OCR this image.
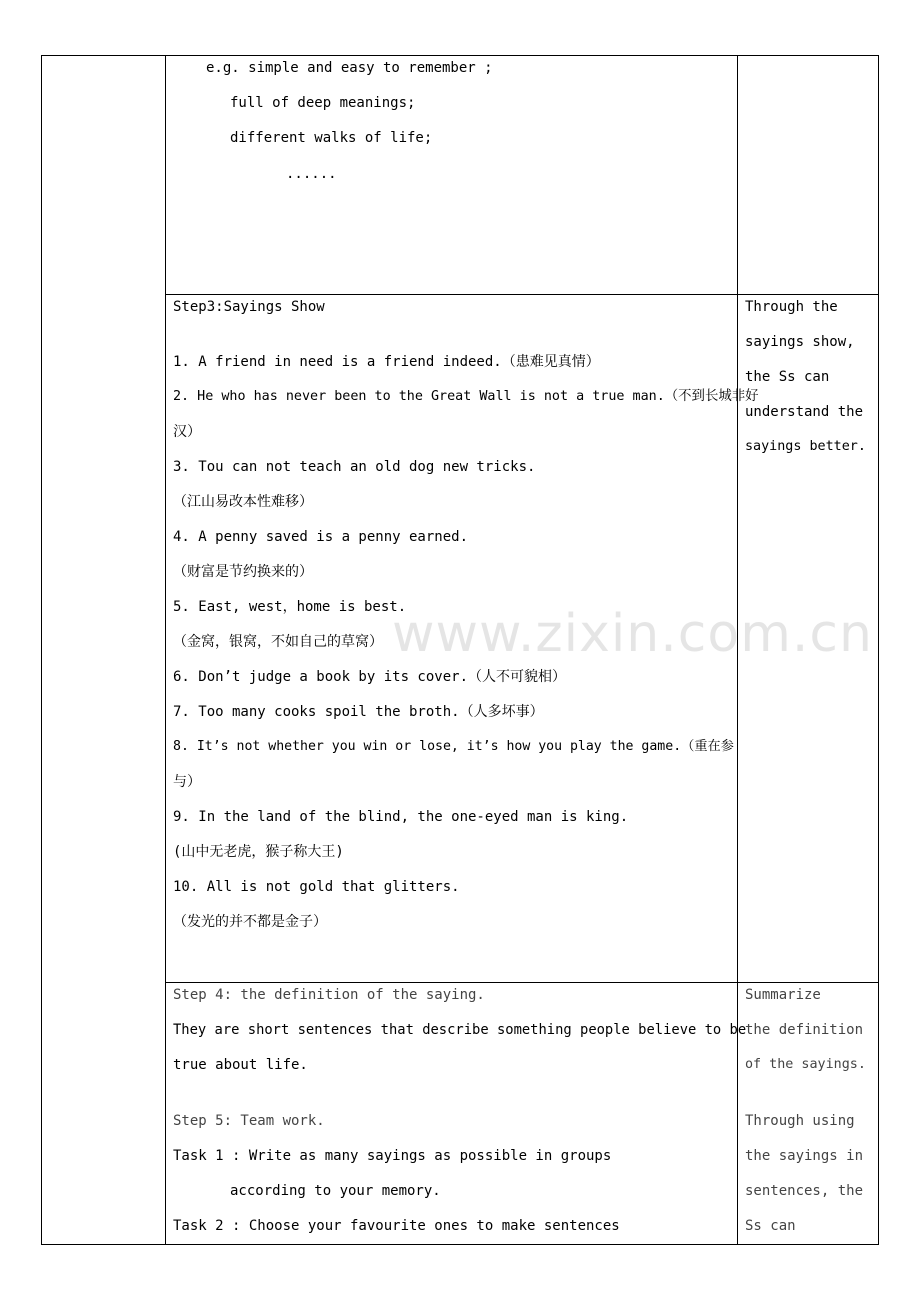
e.g. simple and easy to remember ;
full of deep meanings;
different walks of life;
......
Step3:Sayings Show
1. A friend in need is a friend indeed.（患难见真情）
2. He who has never been to the Great Wall is not a true man.（不到长城非好
汉）
3. Tou can not teach an old dog new tricks.
（江山易改本性难移）
4. A penny saved is a penny earned.
（财富是节约换来的）
5. East, west，home is best.
（金窝，银窝，不如自己的草窝）
6. Don’t judge a book by its cover.（人不可貌相）
7. Too many cooks spoil the broth.（人多坏事）
8. It’s not whether you win or lose, it’s how you play the game.（重在参
与）
9. In the land of the blind, the one-eyed man is king.
(山中无老虎，猴子称大王)
10. All is not gold that glitters.
（发光的并不都是金子）
Through the
sayings show,
the Ss can
understand the
sayings better.
Step 4: the definition of the saying.
They are short sentences that describe something people believe to be
true about life.
Step 5: Team work.
Task 1 : Write as many sayings as possible in groups
according to your memory.
Task 2 : Choose your favourite ones to make sentences
Summarize
the definition
of the sayings.
Through using
the sayings in
sentences, the
Ss can
www.zixin.com.cn
